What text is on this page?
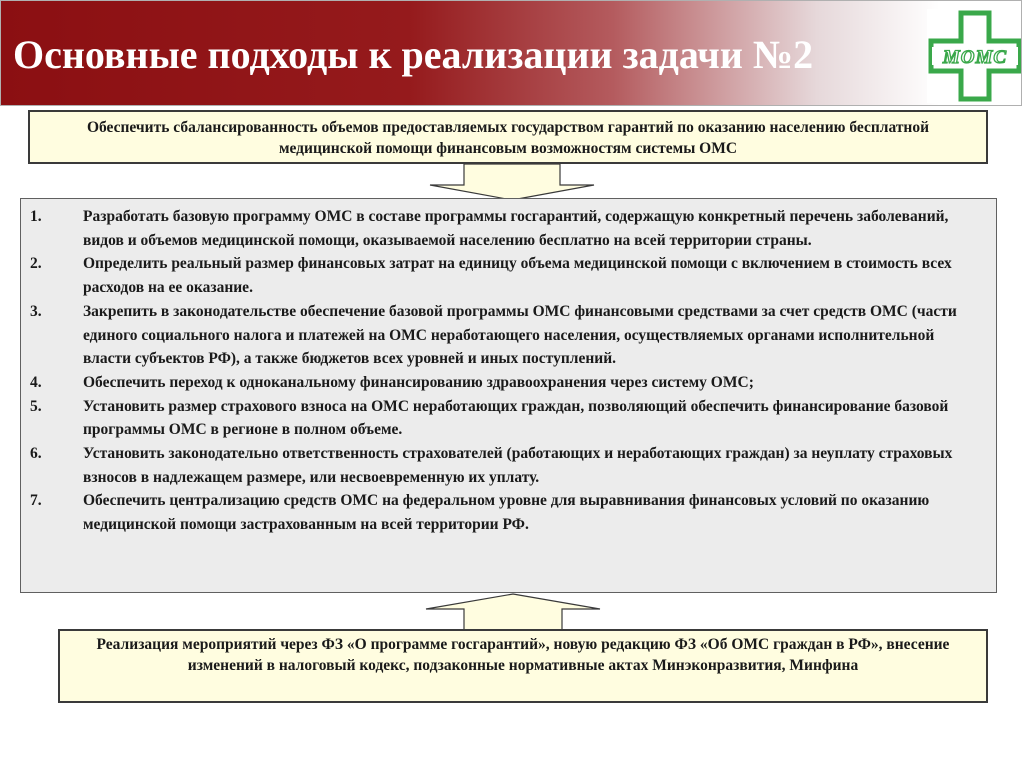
Основные подходы к реализации задачи №2	МОМС
Обеспечить сбалансированность объемов предоставляемых государством гарантий по оказанию населению бесплатной медицинской помощи финансовым возможностям системы ОМС
1.	Разработать базовую программу ОМС в составе программы госгарантий, содержащую конкретный перечень заболеваний, видов и объемов медицинской помощи, оказываемой населению бесплатно на всей территории страны.
2.	Определить реальный размер финансовых затрат на единицу объема медицинской помощи с включением в стоимость всех расходов на ее оказание.
3.	Закрепить в законодательстве обеспечение базовой программы ОМС финансовыми средствами за счет средств ОМС (части единого социального налога и платежей на ОМС неработающего населения, осуществляемых органами исполнительной власти субъектов РФ), а также бюджетов всех уровней и иных поступлений.
4.	Обеспечить переход к одноканальному финансированию здравоохранения через систему ОМС;
5.	Установить размер страхового взноса на ОМС неработающих граждан, позволяющий обеспечить финансирование базовой программы ОМС в регионе в полном объеме.
6.	Установить законодательно ответственность страхователей (работающих и неработающих граждан) за неуплату страховых взносов в надлежащем размере, или несвоевременную их уплату.
7.	Обеспечить централизацию средств ОМС на федеральном уровне для выравнивания финансовых условий по оказанию медицинской помощи застрахованным на всей территории РФ.
Реализация мероприятий через ФЗ «О программе госгарантий», новую редакцию ФЗ «Об ОМС граждан в РФ», внесение изменений в налоговый кодекс, подзаконные нормативные актах Минэконразвития, Минфина
